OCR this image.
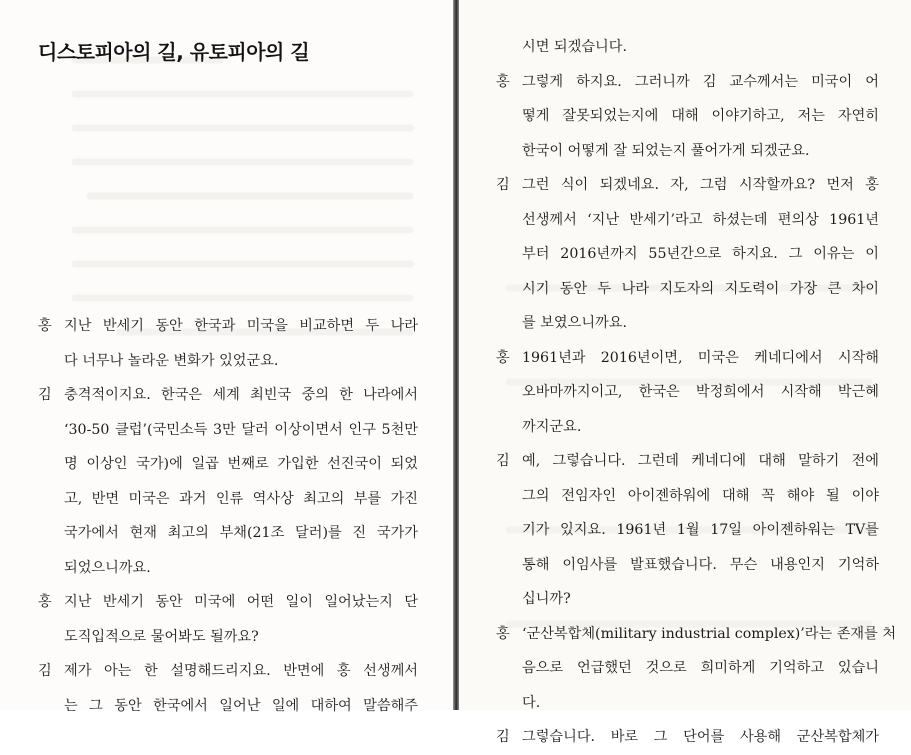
디스토피아의 길, 유토피아의 길
홍 지난 반세기 동안 한국과 미국을 비교하면 두 나라
다 너무나 놀라운 변화가 있었군요.
김 충격적이지요. 한국은 세계 최빈국 중의 한 나라에서
‘30-50 클럽’(국민소득 3만 달러 이상이면서 인구 5천만
명 이상인 국가)에 일곱 번째로 가입한 선진국이 되었
고, 반면 미국은 과거 인류 역사상 최고의 부를 가진
국가에서 현재 최고의 부채(21조 달러)를 진 국가가
되었으니까요.
홍 지난 반세기 동안 미국에 어떤 일이 일어났는지 단
도직입적으로 물어봐도 될까요?
김 제가 아는 한 설명해드리지요. 반면에 홍 선생께서
는 그 동안 한국에서 일어난 일에 대하여 말씀해주
시면 되겠습니다.
홍 그렇게 하지요. 그러니까 김 교수께서는 미국이 어
떻게 잘못되었는지에 대해 이야기하고, 저는 자연히
한국이 어떻게 잘 되었는지 풀어가게 되겠군요.
김 그런 식이 되겠네요. 자, 그럼 시작할까요? 먼저 홍
선생께서 ‘지난 반세기’라고 하셨는데 편의상 1961년
부터 2016년까지 55년간으로 하지요. 그 이유는 이
시기 동안 두 나라 지도자의 지도력이 가장 큰 차이
를 보였으니까요.
홍 1961년과 2016년이면, 미국은 케네디에서 시작해
오바마까지이고, 한국은 박정희에서 시작해 박근혜
까지군요.
김 예, 그렇습니다. 그런데 케네디에 대해 말하기 전에
그의 전임자인 아이젠하워에 대해 꼭 해야 될 이야
기가 있지요. 1961년 1월 17일 아이젠하워는 TV를
통해 이임사를 발표했습니다. 무슨 내용인지 기억하
십니까?
홍 ‘군산복합체(military industrial complex)’라는 존재를 처
음으로 언급했던 것으로 희미하게 기억하고 있습니
다.
김 그렇습니다. 바로 그 단어를 사용해 군산복합체가
